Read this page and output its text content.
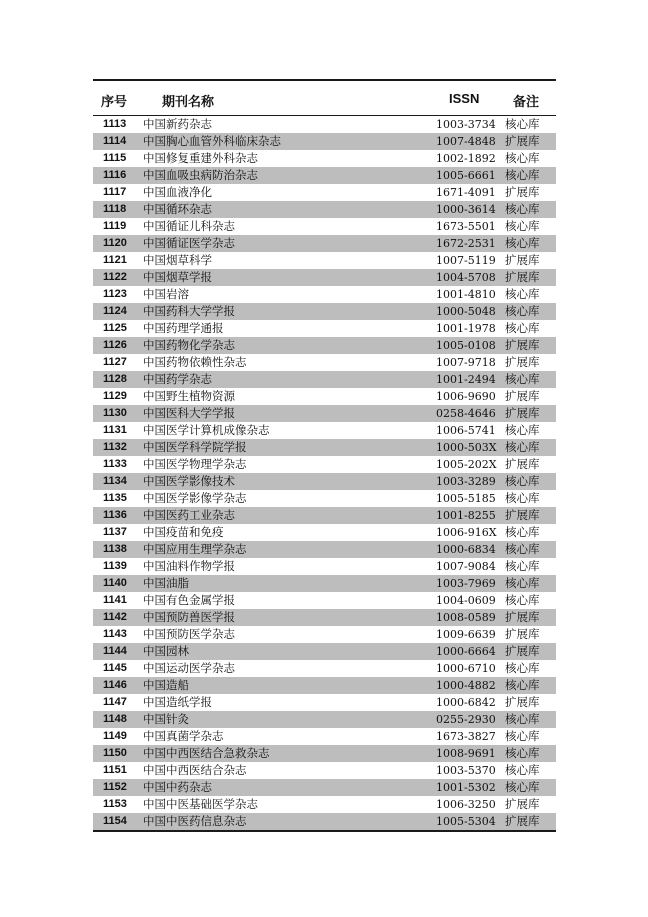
序号	期刊名称	ISSN	备注
1113 中国新药杂志	1003-3734 核心库
1114 中国胸心血管外科临床杂志	1007-4848 扩展库
1115 中国修复重建外科杂志	1002-1892 核心库
1116 中国血吸虫病防治杂志	1005-6661 核心库
1117 中国血液净化	1671-4091 扩展库
1118 中国循环杂志	1000-3614 核心库
1119 中国循证儿科杂志	1673-5501 核心库
1120 中国循证医学杂志	1672-2531 核心库
1121 中国烟草科学	1007-5119 扩展库
1122 中国烟草学报	1004-5708 扩展库
1123 中国岩溶	1001-4810 核心库
1124 中国药科大学学报	1000-5048 核心库
1125 中国药理学通报	1001-1978 核心库
1126 中国药物化学杂志	1005-0108 扩展库
1127 中国药物依赖性杂志	1007-9718 扩展库
1128 中国药学杂志	1001-2494 核心库
1129 中国野生植物资源	1006-9690 扩展库
1130 中国医科大学学报	0258-4646 扩展库
1131 中国医学计算机成像杂志	1006-5741 核心库
1132 中国医学科学院学报	1000-503X 核心库
1133 中国医学物理学杂志	1005-202X 扩展库
1134 中国医学影像技术	1003-3289 核心库
1135 中国医学影像学杂志	1005-5185 核心库
1136 中国医药工业杂志	1001-8255 扩展库
1137 中国疫苗和免疫	1006-916X 核心库
1138 中国应用生理学杂志	1000-6834 核心库
1139 中国油料作物学报	1007-9084 核心库
1140 中国油脂	1003-7969 核心库
1141 中国有色金属学报	1004-0609 核心库
1142 中国预防兽医学报	1008-0589 扩展库
1143 中国预防医学杂志	1009-6639 扩展库
1144 中国园林	1000-6664 扩展库
1145 中国运动医学杂志	1000-6710 核心库
1146 中国造船	1000-4882 核心库
1147 中国造纸学报	1000-6842 扩展库
1148 中国针灸	0255-2930 核心库
1149 中国真菌学杂志	1673-3827 核心库
1150 中国中西医结合急救杂志	1008-9691 核心库
1151 中国中西医结合杂志	1003-5370 核心库
1152 中国中药杂志	1001-5302 核心库
1153 中国中医基础医学杂志	1006-3250 扩展库
1154 中国中医药信息杂志	1005-5304 扩展库
